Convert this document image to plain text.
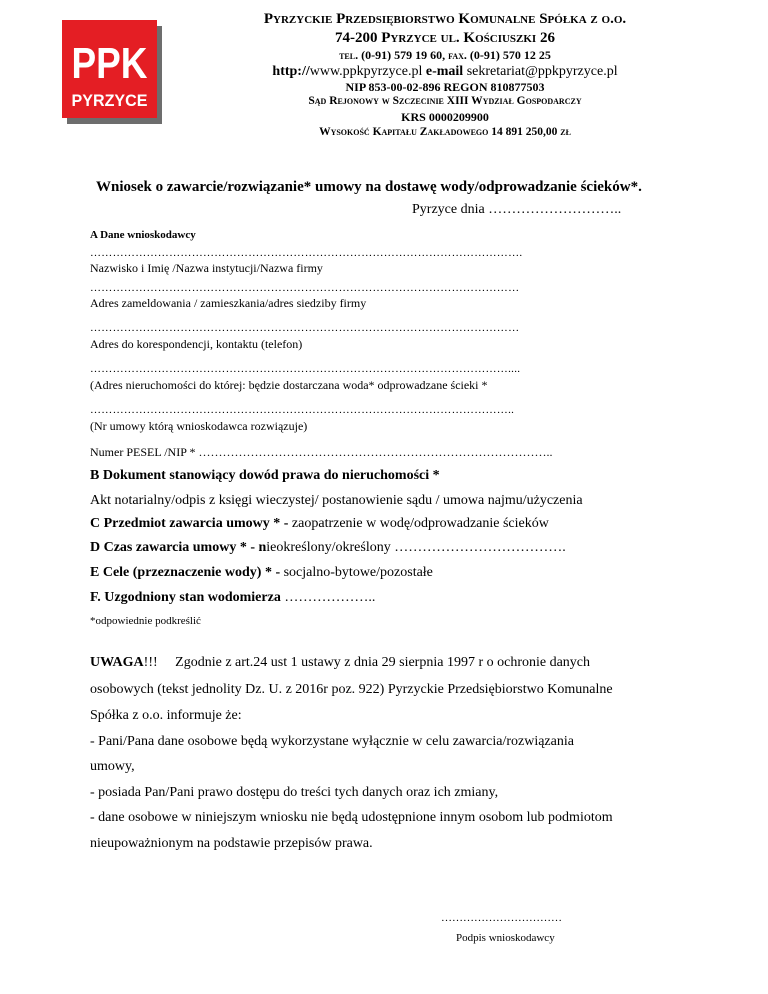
PPK
PYRZYCE
Pyrzyckie Przedsiębiorstwo Komunalne Spółka z o.o.
74-200 Pyrzyce ul. Kościuszki 26
tel. (0-91) 579 19 60, fax. (0-91) 570 12 25
http://www.ppkpyrzyce.pl e-mail sekretariat@ppkpyrzyce.pl
NIP 853-00-02-896 REGON 810877503
Sąd Rejonowy w Szczecinie XIII Wydział Gospodarczy
KRS 0000209900
Wysokość Kapitału Zakładowego 14 891 250,00 zł
Wniosek o zawarcie/rozwiązanie* umowy na dostawę wody/odprowadzanie ścieków*.
Pyrzyce dnia ………………………..
A Dane wnioskodawcy
…………………………………………………………………………………………………….
Nazwisko i Imię /Nazwa instytucji/Nazwa firmy
……………………………………………………………………………………………………
Adres zameldowania / zamieszkania/adres siedziby firmy
……………………………………………………………………………………………………
Adres do korespondencji, kontaktu (telefon)
…………………………………………………………………………………………………....
(Adres nieruchomości do której: będzie dostarczana woda* odprowadzane ścieki *
…………………………………………………………………………………………………..
(Nr umowy którą wnioskodawca rozwiązuje)
Numer PESEL /NIP * ……………………………………………………………………………..
B Dokument stanowiący dowód prawa do nieruchomości *
Akt notarialny/odpis z księgi wieczystej/ postanowienie sądu / umowa najmu/użyczenia
C Przedmiot zawarcia umowy * - zaopatrzenie w wodę/odprowadzanie ścieków
D Czas zawarcia umowy * - nieokreślony/określony ……………………………….
E Cele (przeznaczenie wody) * - socjalno-bytowe/pozostałe
F. Uzgodniony stan wodomierza ………………..
*odpowiednie podkreślić
UWAGA!!!     Zgodnie z art.24 ust 1 ustawy z dnia 29 sierpnia 1997 r o ochronie danych
osobowych (tekst jednolity Dz. U. z 2016r poz. 922) Pyrzyckie Przedsiębiorstwo Komunalne
Spółka z o.o. informuje że:
- Pani/Pana dane osobowe będą wykorzystane wyłącznie w celu zawarcia/rozwiązania
umowy,
- posiada Pan/Pani prawo dostępu do treści tych danych oraz ich zmiany,
- dane osobowe w niniejszym wniosku nie będą udostępnione innym osobom lub podmiotom
nieupoważnionym na podstawie przepisów prawa.
……………………………
Podpis wnioskodawcy
